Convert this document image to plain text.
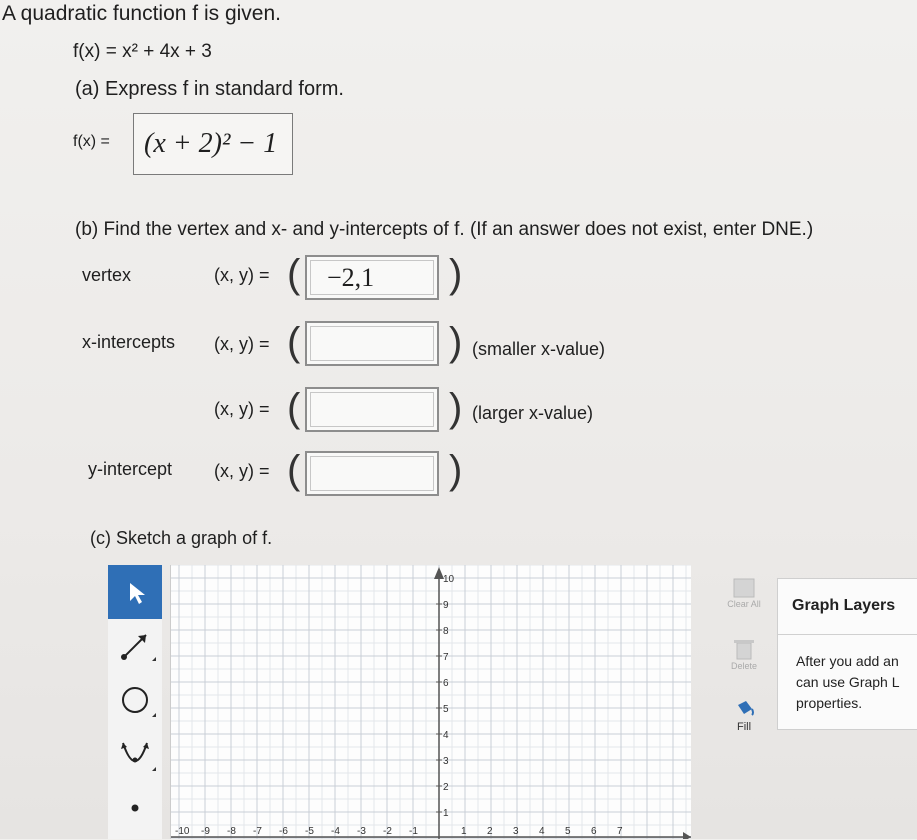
A quadratic function f is given.
f(x) = x² + 4x + 3
(a) Express f in standard form.
f(x) = (x + 2)² − 1
(b) Find the vertex and x- and y-intercepts of f. (If an answer does not exist, enter DNE.)
vertex	(x, y) = ( −2,1 )
x-intercepts (x, y) = (	) (smaller x-value)
(x, y) = (	) (larger x-value)
y-intercept (x, y) = (	)
(c) Sketch a graph of f.
10
9
8
7
6
5
4
3
2
1
-10 -9 -8 -7 -6 -5 -4 -3 -2 -1	1 2 3 4 5 6 7
Clear All
Delete
Fill
Graph Layers
After you add an
can use Graph L
properties.
